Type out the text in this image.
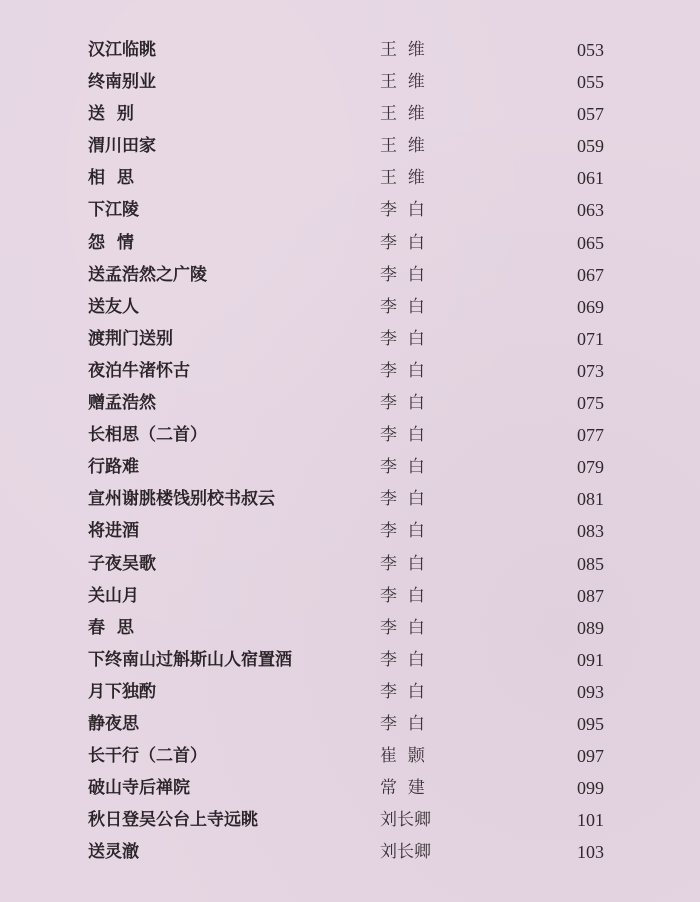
汉江临眺	王  维	053
终南别业	王  维	055
送  别	王  维	057
渭川田家	王  维	059
相  思	王  维	061
下江陵	李  白	063
怨  情	李  白	065
送孟浩然之广陵	李  白	067
送友人	李  白	069
渡荆门送别	李  白	071
夜泊牛渚怀古	李  白	073
赠孟浩然	李  白	075
长相思（二首）	李  白	077
行路难	李  白	079
宣州谢朓楼饯别校书叔云	李  白	081
将进酒	李  白	083
子夜吴歌	李  白	085
关山月	李  白	087
春  思	李  白	089
下终南山过斛斯山人宿置酒	李  白	091
月下独酌	李  白	093
静夜思	李  白	095
长干行（二首）	崔  颢	097
破山寺后禅院	常  建	099
秋日登吴公台上寺远眺	刘长卿	101
送灵澈	刘长卿	103
